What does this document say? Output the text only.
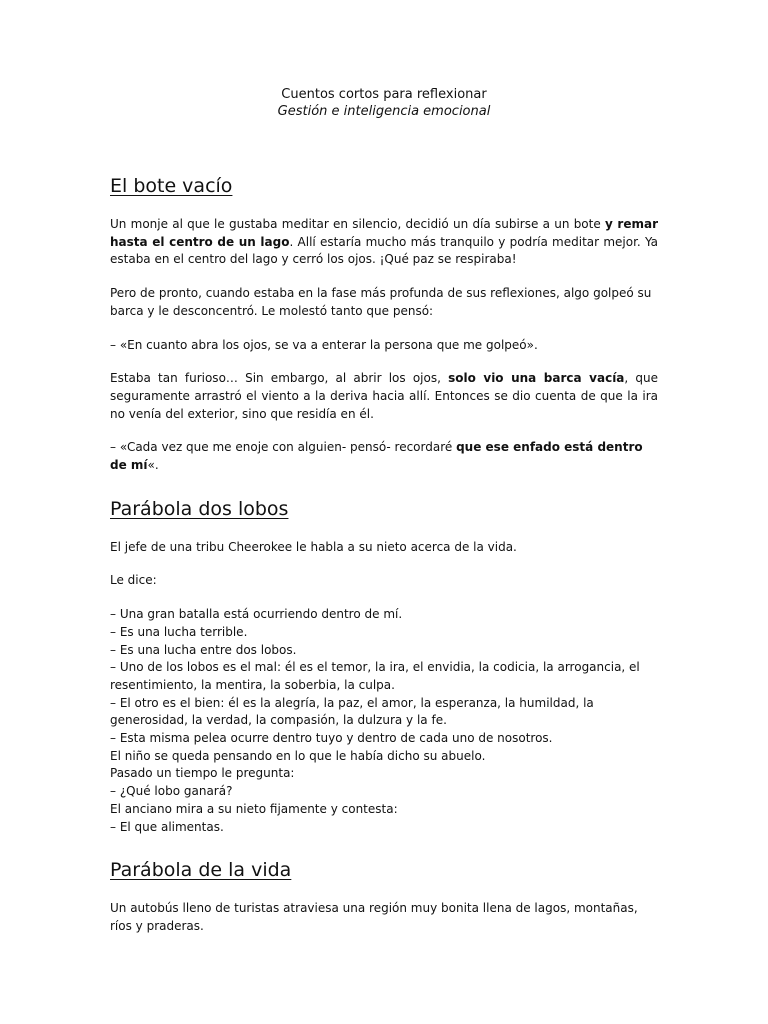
Cuentos cortos para reflexionar

Gestión e inteligencia emocional

El bote vacío

Un monje al que le gustaba meditar en silencio, decidió un día subirse a un bote y remar hasta el centro de un lago. Allí estaría mucho más tranquilo y podría meditar mejor. Ya estaba en el centro del lago y cerró los ojos. ¡Qué paz se respiraba!

Pero de pronto, cuando estaba en la fase más profunda de sus reflexiones, algo golpeó su barca y le desconcentró. Le molestó tanto que pensó:

– «En cuanto abra los ojos, se va a enterar la persona que me golpeó».

Estaba tan furioso… Sin embargo, al abrir los ojos, solo vio una barca vacía, que seguramente arrastró el viento a la deriva hacia allí. Entonces se dio cuenta de que la ira no venía del exterior, sino que residía en él.

– «Cada vez que me enoje con alguien- pensó- recordaré que ese enfado está dentro de mí«.

Parábola dos lobos

El jefe de una tribu Cheerokee le habla a su nieto acerca de la vida.

Le dice:

– Una gran batalla está ocurriendo dentro de mí.

– Es una lucha terrible.

– Es una lucha entre dos lobos.

– Uno de los lobos es el mal: él es el temor, la ira, el envidia, la codicia, la arrogancia, el resentimiento, la mentira, la soberbia, la culpa.

– El otro es el bien: él es la alegría, la paz, el amor, la esperanza, la humildad, la generosidad, la verdad, la compasión, la dulzura y la fe.

– Esta misma pelea ocurre dentro tuyo y dentro de cada uno de nosotros.

El niño se queda pensando en lo que le había dicho su abuelo.

Pasado un tiempo le pregunta:

– ¿Qué lobo ganará?

El anciano mira a su nieto fijamente y contesta:

– El que alimentas.

Parábola de la vida

Un autobús lleno de turistas atraviesa una región muy bonita llena de lagos, montañas, ríos y praderas.
